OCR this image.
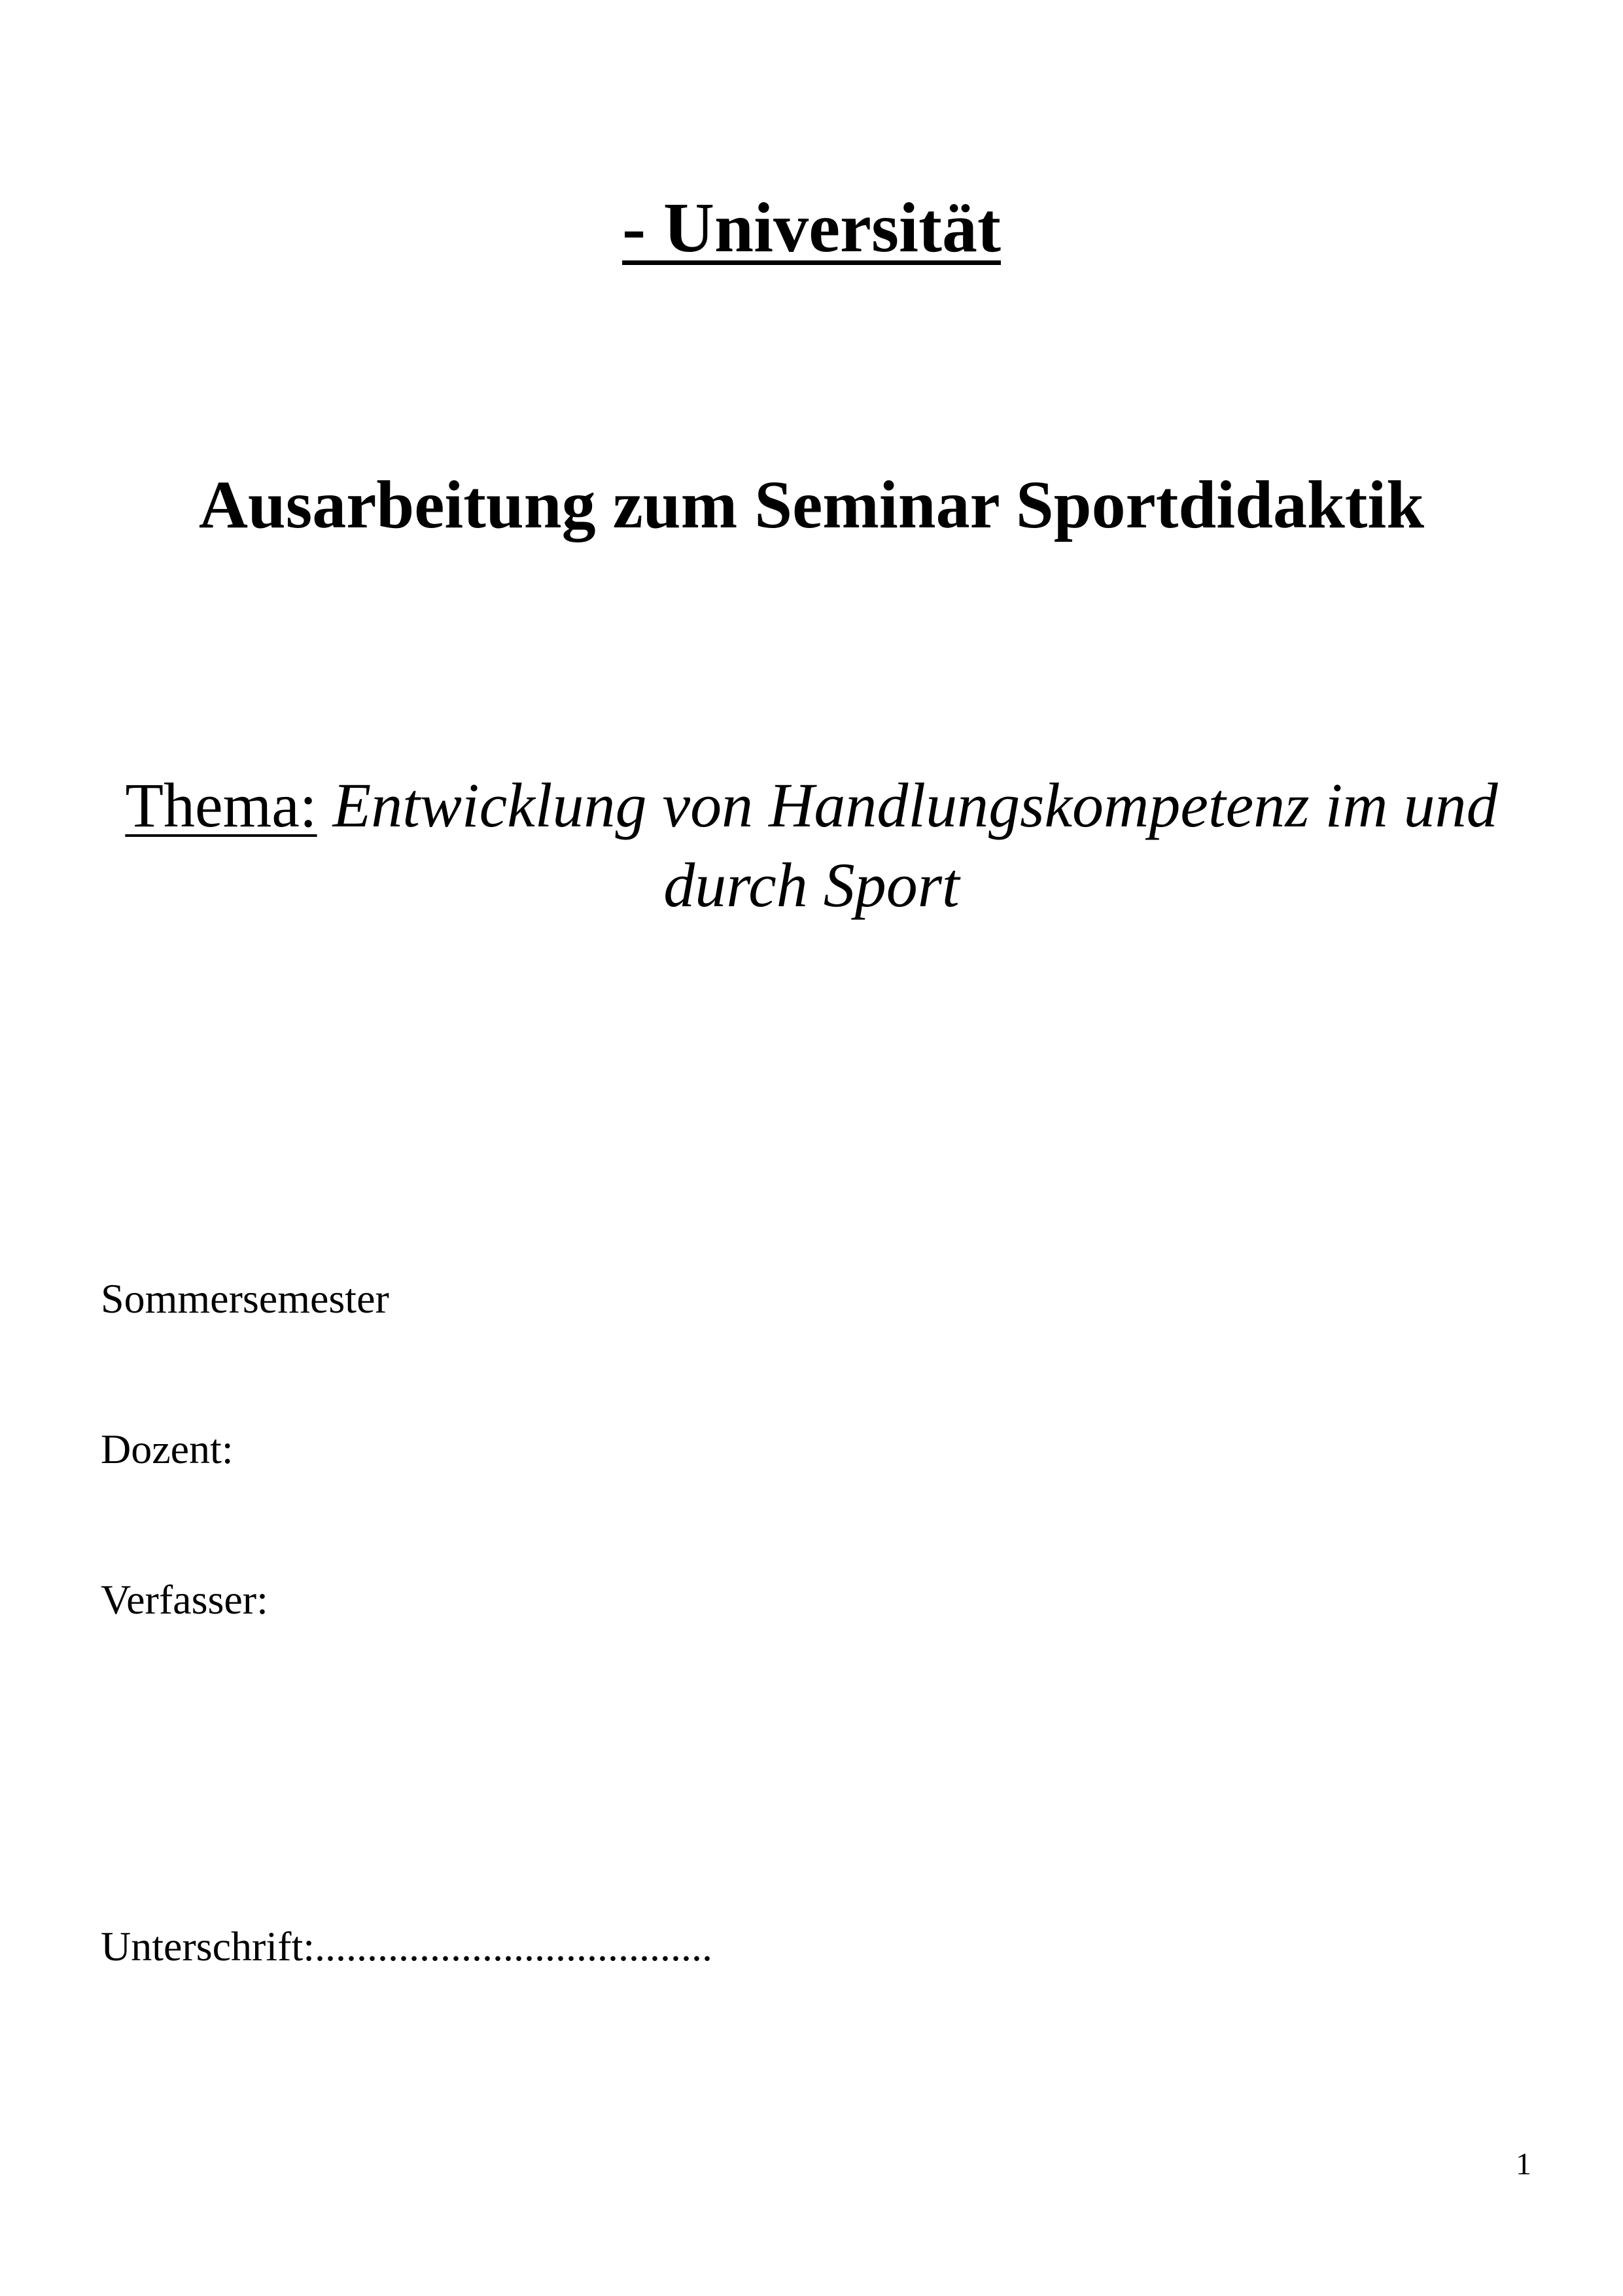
- Universität
Ausarbeitung zum Seminar Sportdidaktik
Thema: Entwicklung von Handlungskompetenz im und
durch Sport
Sommersemester
Dozent:
Verfasser:
Unterschrift:......................................
1
